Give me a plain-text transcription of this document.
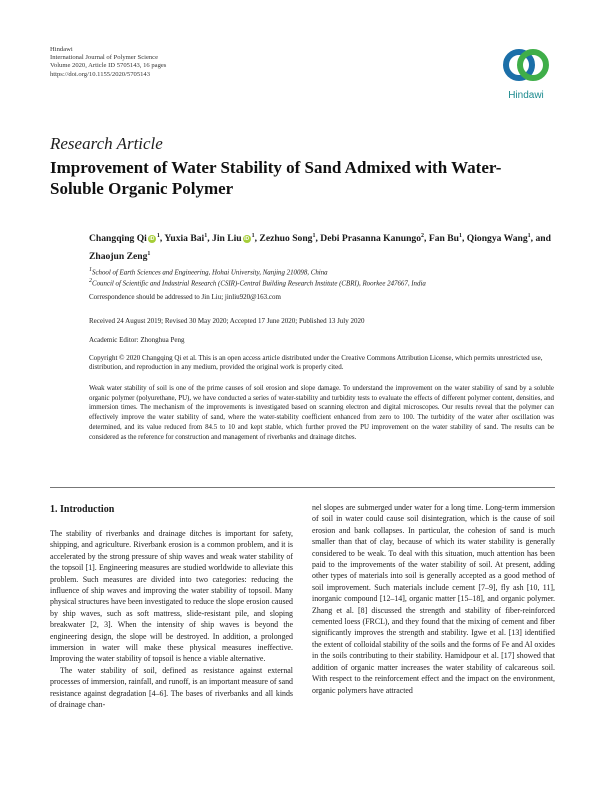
Hindawi
International Journal of Polymer Science
Volume 2020, Article ID 5705143, 16 pages
https://doi.org/10.1155/2020/5705143
Hindawi
Research Article
Improvement of Water Stability of Sand Admixed with Water-Soluble Organic Polymer
Changqing Qi $iD^1$, Yuxia Bai$^1$, Jin Liu $iD^1$, Zezhuo Song$^1$, Debi Prasanna Kanungo$^2$, Fan Bu$^1$, Qiongya Wang$^1$, and Zhaojun Zeng$^1$
$^1$School of Earth Sciences and Engineering, Hohai University, Nanjing 210098, China
$^2$Council of Scientific and Industrial Research (CSIR)-Central Building Research Institute (CBRI), Roorkee 247667, India
Correspondence should be addressed to Jin Liu; jinliu920@163.com
Received 24 August 2019; Revised 30 May 2020; Accepted 17 June 2020; Published 13 July 2020
Academic Editor: Zhonghua Peng
Copyright © 2020 Changqing Qi et al. This is an open access article distributed under the Creative Commons Attribution License, which permits unrestricted use, distribution, and reproduction in any medium, provided the original work is properly cited.
Weak water stability of soil is one of the prime causes of soil erosion and slope damage. To understand the improvement on the water stability of sand by a soluble organic polymer (polyurethane, PU), we have conducted a series of water-stability and turbidity tests to evaluate the effects of different polymer content, densities, and immersion times. The mechanism of the improvements is investigated based on scanning electron and digital microscopes. Our results reveal that the polymer can effectively improve the water stability of sand, where the water-stability coefficient enhanced from zero to 100. The turbidity of the water after oscillation was determined, and its value reduced from 84.5 to 10 and kept stable, which further proved the PU improvement on the water stability of sand. The results can be considered as the reference for construction and management of riverbanks and drainage ditches.
1. Introduction

The stability of riverbanks and drainage ditches is important for safety, shipping, and agriculture. Riverbank erosion is a common problem, and it is accelerated by the strong pressure of ship waves and weak water stability of the topsoil [1]. Engineering measures are studied worldwide to alleviate this problem. Such measures are divided into two categories: reducing the influence of ship waves and improving the water stability of topsoil. Many physical structures have been investigated to reduce the slope erosion caused by ship waves, such as soft mattress, slide-resistant pile, and sloping breakwater [2, 3]. When the intensity of ship waves is beyond the engineering design, the slope will be destroyed. In addition, a prolonged immersion in water will make these physical measures ineffective. Improving the water stability of topsoil is hence a viable alternative.

The water stability of soil, defined as resistance against external processes of immersion, rainfall, and runoff, is an important measure of sand resistance against degradation [4–6]. The bases of riverbanks and all kinds of drainage chan-

nel slopes are submerged under water for a long time. Long-term immersion of soil in water could cause soil disintegration, which is the cause of soil erosion and bank collapses. In particular, the cohesion of sand is much smaller than that of clay, because of which its water stability is generally considered to be weak. To deal with this situation, much attention has been paid to the improvements of the water stability of soil. At present, adding other types of materials into soil is generally accepted as a good method of soil improvement. Such materials include cement [7–9], fly ash [10, 11], inorganic compound [12–14], organic matter [15–18], and organic polymer. Zhang et al. [8] discussed the strength and stability of fiber-reinforced cemented loess (FRCL), and they found that the mixing of cement and fiber significantly improves the strength and stability. Igwe et al. [13] identified the extent of colloidal stability of the soils and the forms of Fe and Al oxides in the soils contributing to their stability. Hamidpour et al. [17] showed that addition of organic matter increases the water stability of calcareous soil. With respect to the reinforcement effect and the impact on the environment, organic polymers have attracted
